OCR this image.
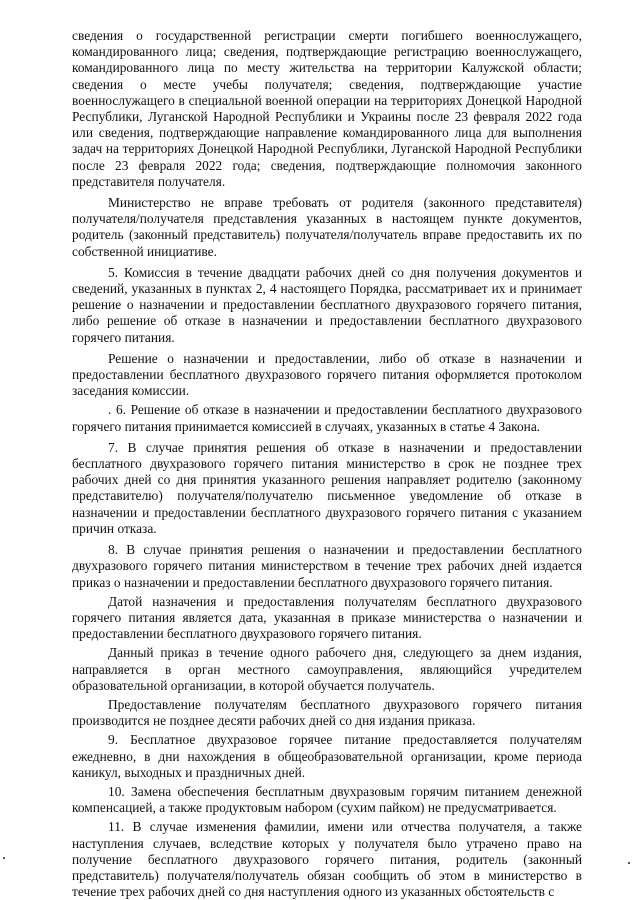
сведения о государственной регистрации смерти погибшего военнослужащего, командированного лица; сведения, подтверждающие регистрацию военнослужащего, командированного лица по месту жительства на территории Калужской области; сведения о месте учебы получателя; сведения, подтверждающие участие военнослужащего в специальной военной операции на территориях Донецкой Народной Республики, Луганской Народной Республики и Украины после 23 февраля 2022 года или сведения, подтверждающие направление командированного лица для выполнения задач на территориях Донецкой Народной Республики, Луганской Народной Республики после 23 февраля 2022 года; сведения, подтверждающие полномочия законного представителя получателя.

Министерство не вправе требовать от родителя (законного представителя) получателя/получателя представления указанных в настоящем пункте документов, родитель (законный представитель) получателя/получатель вправе предоставить их по собственной инициативе.

5. Комиссия в течение двадцати рабочих дней со дня получения документов и сведений, указанных в пунктах 2, 4 настоящего Порядка, рассматривает их и принимает решение о назначении и предоставлении бесплатного двухразового горячего питания, либо решение об отказе в назначении и предоставлении бесплатного двухразового горячего питания.

Решение о назначении и предоставлении, либо об отказе в назначении и предоставлении бесплатного двухразового горячего питания оформляется протоколом заседания комиссии.

. 6. Решение об отказе в назначении и предоставлении бесплатного двухразового горячего питания принимается комиссией в случаях, указанных в статье 4 Закона.

7. В случае принятия решения об отказе в назначении и предоставлении бесплатного двухразового горячего питания министерство в срок не позднее трех рабочих дней со дня принятия указанного решения направляет родителю (законному представителю) получателя/получателю письменное уведомление об отказе в назначении и предоставлении бесплатного двухразового горячего питания с указанием причин отказа.

8. В случае принятия решения о назначении и предоставлении бесплатного двухразового горячего питания министерством в течение трех рабочих дней издается приказ о назначении и предоставлении бесплатного двухразового горячего питания.

Датой назначения и предоставления получателям бесплатного двухразового горячего питания является дата, указанная в приказе министерства о назначении и предоставлении бесплатного двухразового горячего питания.

Данный приказ в течение одного рабочего дня, следующего за днем издания, направляется в орган местного самоуправления, являющийся учредителем образовательной организации, в которой обучается получатель.

Предоставление получателям бесплатного двухразового горячего питания производится не позднее десяти рабочих дней со дня издания приказа.

9. Бесплатное двухразовое горячее питание предоставляется получателям ежедневно, в дни нахождения в общеобразовательной организации, кроме периода каникул, выходных и праздничных дней.

10. Замена обеспечения бесплатным двухразовым горячим питанием денежной компенсацией, а также продуктовым набором (сухим пайком) не предусматривается.

11. В случае изменения фамилии, имени или отчества получателя, а также наступления случаев, вследствие которых у получателя было утрачено право на получение бесплатного двухразового горячего питания, родитель (законный представитель) получателя/получатель обязан сообщить об этом в министерство в течение трех рабочих дней со дня наступления одного из указанных обстоятельств с
